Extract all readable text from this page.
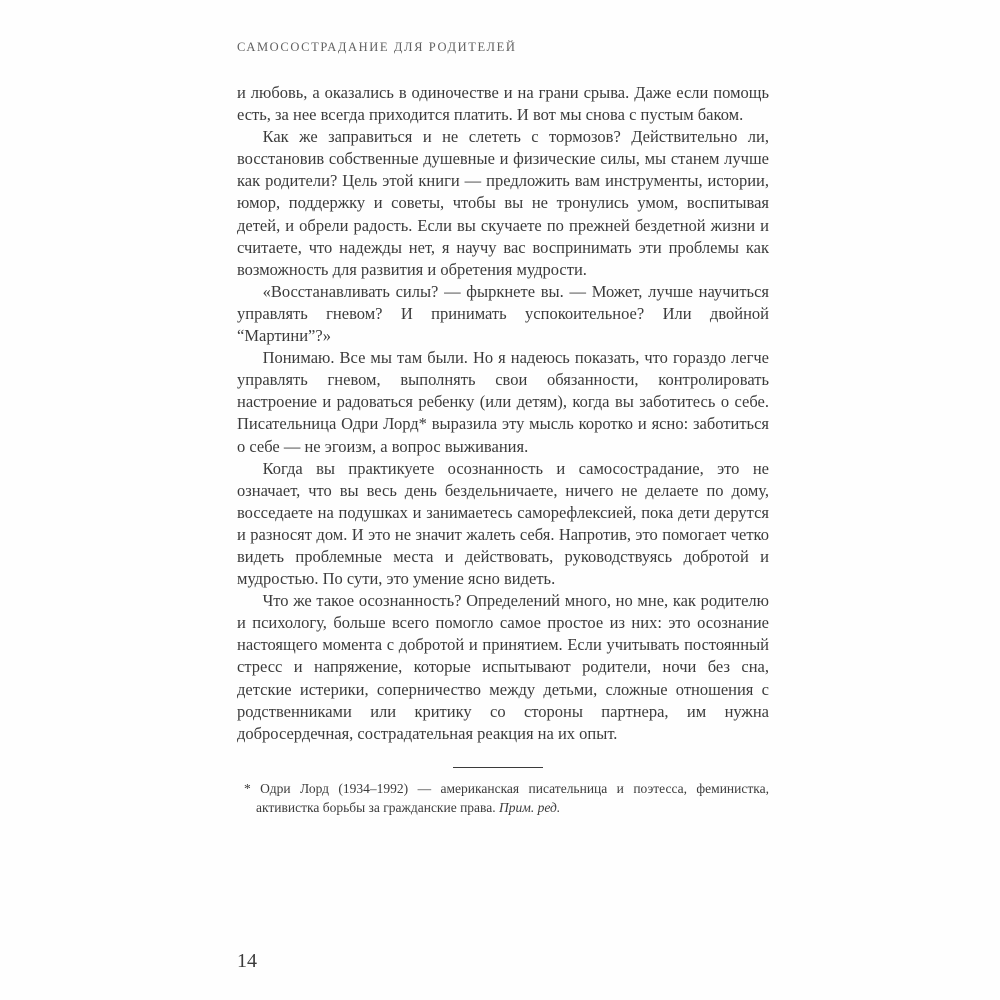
САМОСОСТРАДАНИЕ ДЛЯ РОДИТЕЛЕЙ

и любовь, а оказались в одиночестве и на грани срыва. Даже если помощь есть, за нее всегда приходится платить. И вот мы снова с пустым баком.

Как же заправиться и не слететь с тормозов? Действительно ли, восстановив собственные душевные и физические силы, мы станем лучше как родители? Цель этой книги — предложить вам инструменты, истории, юмор, поддержку и советы, чтобы вы не тронулись умом, воспитывая детей, и обрели радость. Если вы скучаете по прежней бездетной жизни и считаете, что надежды нет, я научу вас воспринимать эти проблемы как возможность для развития и обретения мудрости.

«Восстанавливать силы? — фыркнете вы. — Может, лучше научиться управлять гневом? И принимать успокоительное? Или двойной “Мартини”?»

Понимаю. Все мы там были. Но я надеюсь показать, что гораздо легче управлять гневом, выполнять свои обязанности, контролировать настроение и радоваться ребенку (или детям), когда вы заботитесь о себе. Писательница Одри Лорд* выразила эту мысль коротко и ясно: заботиться о себе — не эгоизм, а вопрос выживания.

Когда вы практикуете осознанность и самосострадание, это не означает, что вы весь день бездельничаете, ничего не делаете по дому, восседаете на подушках и занимаетесь саморефлексией, пока дети дерутся и разносят дом. И это не значит жалеть себя. Напротив, это помогает четко видеть проблемные места и действовать, руководствуясь добротой и мудростью. По сути, это умение ясно видеть.

Что же такое осознанность? Определений много, но мне, как родителю и психологу, больше всего помогло самое простое из них: это осознание настоящего момента с добротой и принятием. Если учитывать постоянный стресс и напряжение, которые испытывают родители, ночи без сна, детские истерики, соперничество между детьми, сложные отношения с родственниками или критику со стороны партнера, им нужна добросердечная, сострадательная реакция на их опыт.

* Одри Лорд (1934–1992) — американская писательница и поэтесса, феминистка, активистка борьбы за гражданские права. Прим. ред.
14
